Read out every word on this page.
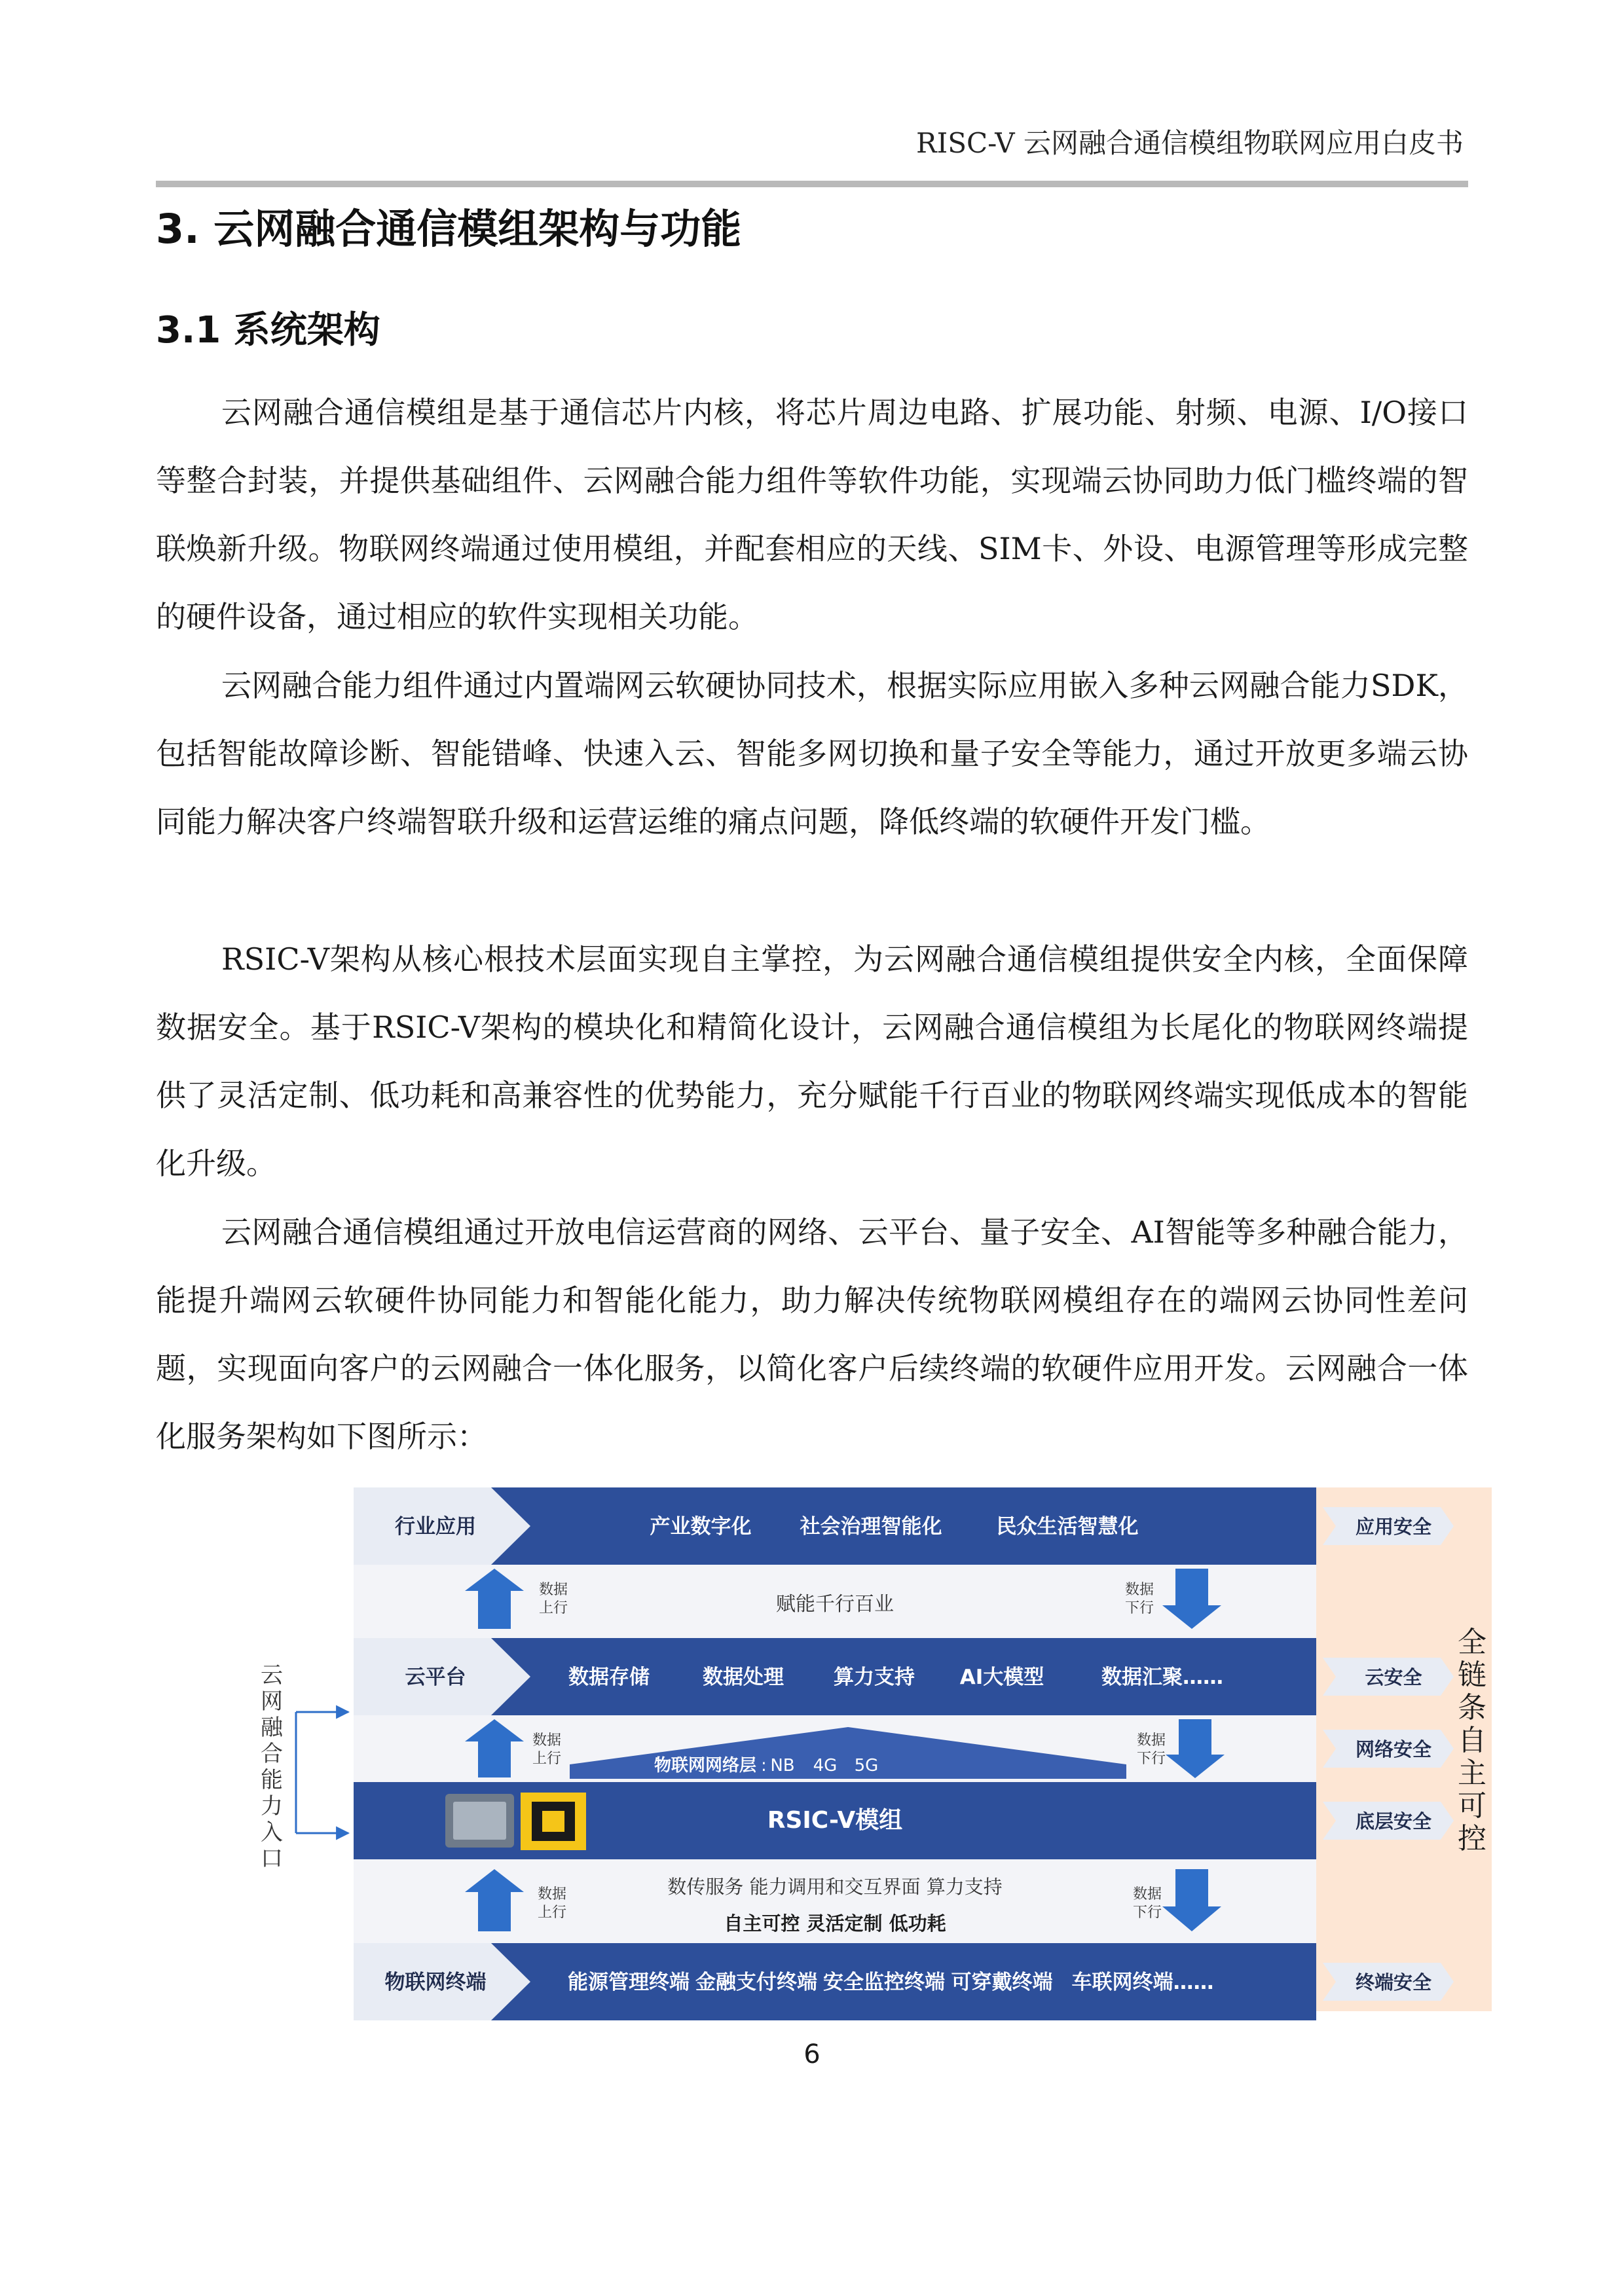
RISC-V 云网融合通信模组物联网应用白皮书
3. 云网融合通信模组架构与功能
3.1 系统架构

云网融合通信模组是基于通信芯片内核，将芯片周边电路、扩展功能、射频、电源、I/O接口等整合封装，并提供基础组件、云网融合能力组件等软件功能，实现端云协同助力低门槛终端的智联焕新升级。物联网终端通过使用模组，并配套相应的天线、SIM卡、外设、电源管理等形成完整的硬件设备，通过相应的软件实现相关功能。

云网融合能力组件通过内置端网云软硬协同技术，根据实际应用嵌入多种云网融合能力SDK，包括智能故障诊断、智能错峰、快速入云、智能多网切换和量子安全等能力，通过开放更多端云协同能力解决客户终端智联升级和运营运维的痛点问题，降低终端的软硬件开发门槛。

RSIC-V架构从核心根技术层面实现自主掌控，为云网融合通信模组提供安全内核，全面保障数据安全。基于RSIC-V架构的模块化和精简化设计，云网融合通信模组为长尾化的物联网终端提供了灵活定制、低功耗和高兼容性的优势能力，充分赋能千行百业的物联网终端实现低成本的智能化升级。

云网融合通信模组通过开放电信运营商的网络、云平台、量子安全、AI智能等多种融合能力，能提升端网云软硬件协同能力和智能化能力，助力解决传统物联网模组存在的端网云协同性差问题，实现面向客户的云网融合一体化服务，以简化客户后续终端的软硬件应用开发。云网融合一体化服务架构如下图所示：

云网融合能力入口
行业应用	产业数字化 社会治理智能化	民众生活智慧化
数据
上行	赋能千行百业
数据
下行
云平台	数据存储	数据处理 算力支持 AI大模型	数据汇聚……
物联网网络层 : NB 4G 5G
数据
上行
数据
下行
RSIC-V模组
数据
上行
数传服务 能力调用和交互界面 算力支持
自主可控 灵活定制 低功耗
数据
下行
物联网终端	能源管理终端 金融支付终端 安全监控终端 可穿戴终端 车联网终端……
应用安全
云安全
网络安全
底层安全
终端安全
全链条自主可控
6
